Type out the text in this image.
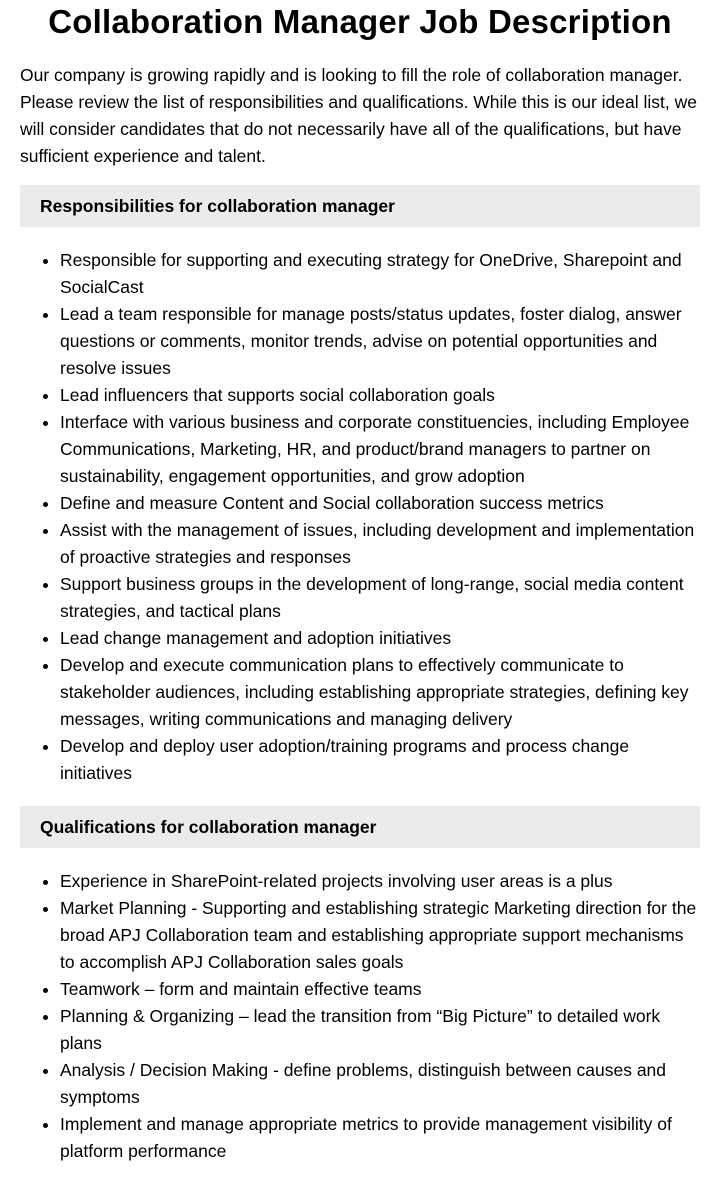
Collaboration Manager Job Description

Our company is growing rapidly and is looking to fill the role of collaboration manager. Please review the list of responsibilities and qualifications. While this is our ideal list, we will consider candidates that do not necessarily have all of the qualifications, but have sufficient experience and talent.

Responsibilities for collaboration manager
• Responsible for supporting and executing strategy for OneDrive, Sharepoint and SocialCast
• Lead a team responsible for manage posts/status updates, foster dialog, answer questions or comments, monitor trends, advise on potential opportunities and resolve issues
• Lead influencers that supports social collaboration goals
• Interface with various business and corporate constituencies, including Employee Communications, Marketing, HR, and product/brand managers to partner on sustainability, engagement opportunities, and grow adoption
• Define and measure Content and Social collaboration success metrics
• Assist with the management of issues, including development and implementation of proactive strategies and responses
• Support business groups in the development of long-range, social media content strategies, and tactical plans
• Lead change management and adoption initiatives
• Develop and execute communication plans to effectively communicate to stakeholder audiences, including establishing appropriate strategies, defining key messages, writing communications and managing delivery
• Develop and deploy user adoption/training programs and process change initiatives
Qualifications for collaboration manager
• Experience in SharePoint-related projects involving user areas is a plus
• Market Planning - Supporting and establishing strategic Marketing direction for the broad APJ Collaboration team and establishing appropriate support mechanisms to accomplish APJ Collaboration sales goals
• Teamwork – form and maintain effective teams
• Planning & Organizing – lead the transition from “Big Picture” to detailed work plans
• Analysis / Decision Making - define problems, distinguish between causes and symptoms
• Implement and manage appropriate metrics to provide management visibility of platform performance
